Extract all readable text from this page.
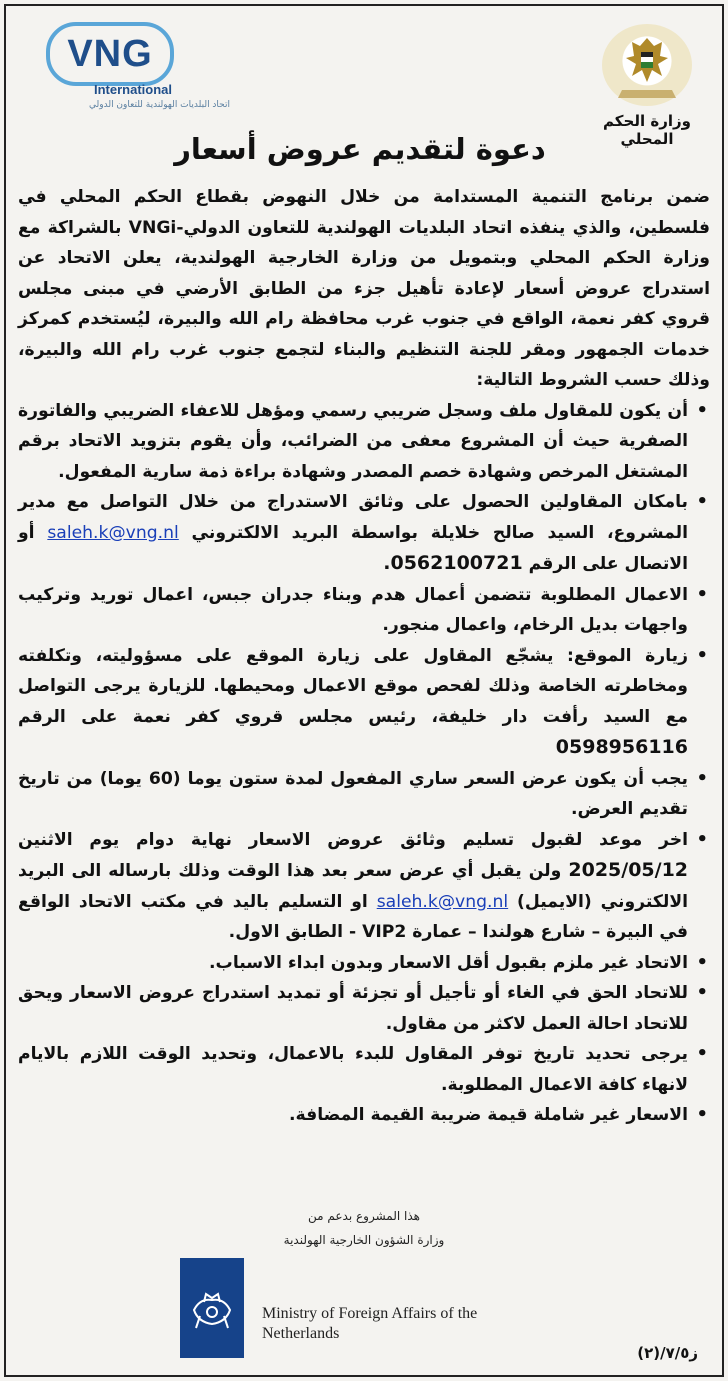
VNG
International
اتحاد البلديات الهولندية للتعاون الدولي
وزارة الحكم المحلي
دعوة لتقديم عروض أسعار

ضمن برنامج التنمية المستدامة من خلال النهوض بقطاع الحكم المحلي في فلسطين، والذي ينفذه اتحاد البلديات الهولندية للتعاون الدولي-VNGi بالشراكة مع وزارة الحكم المحلي وبتمويل من وزارة الخارجية الهولندية، يعلن الاتحاد عن استدراج عروض أسعار لإعادة تأهيل جزء من الطابق الأرضي في مبنى مجلس قروي كفر نعمة، الواقع في جنوب غرب محافظة رام الله والبيرة، ليُستخدم كمركز خدمات الجمهور ومقر للجنة التنظيم والبناء لتجمع جنوب غرب رام الله والبيرة، وذلك حسب الشروط التالية:

• أن يكون للمقاول ملف وسجل ضريبي رسمي ومؤهل للاعفاء الضريبي والفاتورة الصفرية حيث أن المشروع معفى من الضرائب، وأن يقوم بتزويد الاتحاد برقم المشتغل المرخص وشهادة خصم المصدر وشهادة براءة ذمة سارية المفعول.
• بامكان المقاولين الحصول على وثائق الاستدراج من خلال التواصل مع مدير المشروع، السيد صالح خلايلة بواسطة البريد الالكتروني saleh.k@vng.nl أو الاتصال على الرقم 0562100721.
• الاعمال المطلوبة تتضمن أعمال هدم وبناء جدران جبس، اعمال توريد وتركيب واجهات بديل الرخام، واعمال منجور.
• زيارة الموقع: يشجّع المقاول على زيارة الموقع على مسؤوليته، وتكلفته ومخاطرته الخاصة وذلك لفحص موقع الاعمال ومحيطها. للزيارة يرجى التواصل مع السيد رأفت دار خليفة، رئيس مجلس قروي كفر نعمة على الرقم 0598956116
• يجب أن يكون عرض السعر ساري المفعول لمدة ستون يوما (60 يوما) من تاريخ تقديم العرض.
• اخر موعد لقبول تسليم وثائق عروض الاسعار نهاية دوام يوم الاثنين 2025/05/12 ولن يقبل أي عرض سعر بعد هذا الوقت وذلك بارساله الى البريد الالكتروني (الايميل) saleh.k@vng.nl او التسليم باليد في مكتب الاتحاد الواقع في البيرة – شارع هولندا – عمارة VIP2 - الطابق الاول.
• الاتحاد غير ملزم بقبول أقل الاسعار وبدون ابداء الاسباب.
• للاتحاد الحق في الغاء أو تأجيل أو تجزئة أو تمديد استدراج عروض الاسعار ويحق للاتحاد احالة العمل لاكثر من مقاول.
• يرجى تحديد تاريخ توفر المقاول للبدء بالاعمال، وتحديد الوقت اللازم بالايام لانهاء كافة الاعمال المطلوبة.
• الاسعار غير شاملة قيمة ضريبة القيمة المضافة.
هذا المشروع بدعم من
وزارة الشؤون الخارجية الهولندية
Ministry of Foreign Affairs of the
Netherlands
ز٧/٥/(٢)
